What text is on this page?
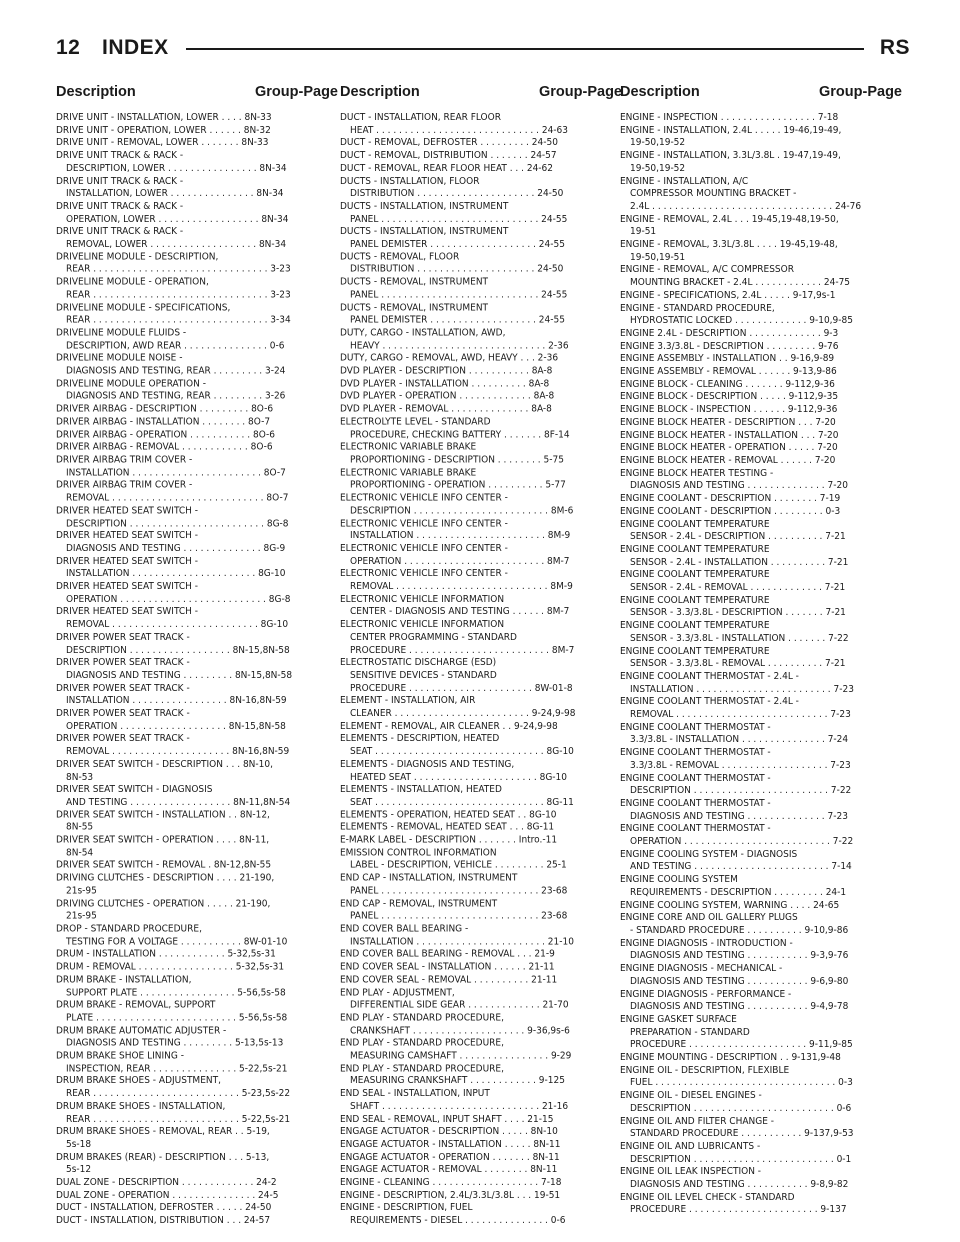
12 INDEX	RS
Description	Group-Page
DRIVE UNIT - INSTALLATION, LOWER . . . . 8N-33
DRIVE UNIT - OPERATION, LOWER . . . . . . 8N-32
DRIVE UNIT - REMOVAL, LOWER . . . . . . . 8N-33
DRIVE UNIT TRACK & RACK -
DESCRIPTION, LOWER . . . . . . . . . . . . . . . . 8N-34
DRIVE UNIT TRACK & RACK -
INSTALLATION, LOWER . . . . . . . . . . . . . . . 8N-34
DRIVE UNIT TRACK & RACK -
OPERATION, LOWER . . . . . . . . . . . . . . . . . . 8N-34
DRIVE UNIT TRACK & RACK -
REMOVAL, LOWER . . . . . . . . . . . . . . . . . . . 8N-34
DRIVELINE MODULE - DESCRIPTION,
REAR . . . . . . . . . . . . . . . . . . . . . . . . . . . . . . . 3-23
DRIVELINE MODULE - OPERATION,
REAR . . . . . . . . . . . . . . . . . . . . . . . . . . . . . . . 3-23
DRIVELINE MODULE - SPECIFICATIONS,
REAR . . . . . . . . . . . . . . . . . . . . . . . . . . . . . . . 3-34
DRIVELINE MODULE FLUIDS -
DESCRIPTION, AWD REAR . . . . . . . . . . . . . . . 0-6
DRIVELINE MODULE NOISE -
DIAGNOSIS AND TESTING, REAR . . . . . . . . . 3-24
DRIVELINE MODULE OPERATION -
DIAGNOSIS AND TESTING, REAR . . . . . . . . . 3-26
DRIVER AIRBAG - DESCRIPTION . . . . . . . . . 8O-6
DRIVER AIRBAG - INSTALLATION . . . . . . . . 8O-7
DRIVER AIRBAG - OPERATION . . . . . . . . . . . 8O-6
DRIVER AIRBAG - REMOVAL . . . . . . . . . . . . 8O-6
DRIVER AIRBAG TRIM COVER -
INSTALLATION . . . . . . . . . . . . . . . . . . . . . . . 8O-7
DRIVER AIRBAG TRIM COVER -
REMOVAL . . . . . . . . . . . . . . . . . . . . . . . . . . . 8O-7
DRIVER HEATED SEAT SWITCH -
DESCRIPTION . . . . . . . . . . . . . . . . . . . . . . . . 8G-8
DRIVER HEATED SEAT SWITCH -
DIAGNOSIS AND TESTING . . . . . . . . . . . . . . 8G-9
DRIVER HEATED SEAT SWITCH -
INSTALLATION . . . . . . . . . . . . . . . . . . . . . . 8G-10
DRIVER HEATED SEAT SWITCH -
OPERATION . . . . . . . . . . . . . . . . . . . . . . . . . . 8G-8
DRIVER HEATED SEAT SWITCH -
REMOVAL . . . . . . . . . . . . . . . . . . . . . . . . . . 8G-10
DRIVER POWER SEAT TRACK -
DESCRIPTION . . . . . . . . . . . . . . . . . . 8N-15,8N-58
DRIVER POWER SEAT TRACK -
DIAGNOSIS AND TESTING . . . . . . . . . 8N-15,8N-58
DRIVER POWER SEAT TRACK -
INSTALLATION . . . . . . . . . . . . . . . . . 8N-16,8N-59
DRIVER POWER SEAT TRACK -
OPERATION . . . . . . . . . . . . . . . . . . . 8N-15,8N-58
DRIVER POWER SEAT TRACK -
REMOVAL . . . . . . . . . . . . . . . . . . . . . 8N-16,8N-59
DRIVER SEAT SWITCH - DESCRIPTION . . . 8N-10,
8N-53
DRIVER SEAT SWITCH - DIAGNOSIS
AND TESTING . . . . . . . . . . . . . . . . . . 8N-11,8N-54
DRIVER SEAT SWITCH - INSTALLATION . . 8N-12,
8N-55
DRIVER SEAT SWITCH - OPERATION . . . . 8N-11,
8N-54
DRIVER SEAT SWITCH - REMOVAL . 8N-12,8N-55
DRIVING CLUTCHES - DESCRIPTION . . . . 21-190,
21s-95
DRIVING CLUTCHES - OPERATION . . . . . 21-190,
21s-95
DROP - STANDARD PROCEDURE,
TESTING FOR A VOLTAGE . . . . . . . . . . . 8W-01-10
DRUM - INSTALLATION . . . . . . . . . . . . 5-32,5s-31
DRUM - REMOVAL . . . . . . . . . . . . . . . . . 5-32,5s-31
DRUM BRAKE - INSTALLATION,
SUPPORT PLATE . . . . . . . . . . . . . . . . . 5-56,5s-58
DRUM BRAKE - REMOVAL, SUPPORT
PLATE . . . . . . . . . . . . . . . . . . . . . . . . . 5-56,5s-58
DRUM BRAKE AUTOMATIC ADJUSTER -
DIAGNOSIS AND TESTING . . . . . . . . . 5-13,5s-13
DRUM BRAKE SHOE LINING -
INSPECTION, REAR . . . . . . . . . . . . . . . 5-22,5s-21
DRUM BRAKE SHOES - ADJUSTMENT,
REAR . . . . . . . . . . . . . . . . . . . . . . . . . . 5-23,5s-22
DRUM BRAKE SHOES - INSTALLATION,
REAR . . . . . . . . . . . . . . . . . . . . . . . . . . 5-22,5s-21
DRUM BRAKE SHOES - REMOVAL, REAR . . 5-19,
5s-18
DRUM BRAKES (REAR) - DESCRIPTION . . . 5-13,
5s-12
DUAL ZONE - DESCRIPTION . . . . . . . . . . . . . 24-2
DUAL ZONE - OPERATION . . . . . . . . . . . . . . . 24-5
DUCT - INSTALLATION, DEFROSTER . . . . . 24-50
DUCT - INSTALLATION, DISTRIBUTION . . . 24-57
Description	Group-Page
DUCT - INSTALLATION, REAR FLOOR
HEAT . . . . . . . . . . . . . . . . . . . . . . . . . . . . . 24-63
DUCT - REMOVAL, DEFROSTER . . . . . . . . . 24-50
DUCT - REMOVAL, DISTRIBUTION . . . . . . . 24-57
DUCT - REMOVAL, REAR FLOOR HEAT . . . 24-62
DUCTS - INSTALLATION, FLOOR
DISTRIBUTION . . . . . . . . . . . . . . . . . . . . . 24-50
DUCTS - INSTALLATION, INSTRUMENT
PANEL . . . . . . . . . . . . . . . . . . . . . . . . . . . . 24-55
DUCTS - INSTALLATION, INSTRUMENT
PANEL DEMISTER . . . . . . . . . . . . . . . . . . . 24-55
DUCTS - REMOVAL, FLOOR
DISTRIBUTION . . . . . . . . . . . . . . . . . . . . . 24-50
DUCTS - REMOVAL, INSTRUMENT
PANEL . . . . . . . . . . . . . . . . . . . . . . . . . . . . 24-55
DUCTS - REMOVAL, INSTRUMENT
PANEL DEMISTER . . . . . . . . . . . . . . . . . . . 24-55
DUTY, CARGO - INSTALLATION, AWD,
HEAVY . . . . . . . . . . . . . . . . . . . . . . . . . . . . . 2-36
DUTY, CARGO - REMOVAL, AWD, HEAVY . . . 2-36
DVD PLAYER - DESCRIPTION . . . . . . . . . . . 8A-8
DVD PLAYER - INSTALLATION . . . . . . . . . . 8A-8
DVD PLAYER - OPERATION . . . . . . . . . . . . . 8A-8
DVD PLAYER - REMOVAL . . . . . . . . . . . . . . 8A-8
ELECTROLYTE LEVEL - STANDARD
PROCEDURE, CHECKING BATTERY . . . . . . . 8F-14
ELECTRONIC VARIABLE BRAKE
PROPORTIONING - DESCRIPTION . . . . . . . . 5-75
ELECTRONIC VARIABLE BRAKE
PROPORTIONING - OPERATION . . . . . . . . . . 5-77
ELECTRONIC VEHICLE INFO CENTER -
DESCRIPTION . . . . . . . . . . . . . . . . . . . . . . . . 8M-6
ELECTRONIC VEHICLE INFO CENTER -
INSTALLATION . . . . . . . . . . . . . . . . . . . . . . . 8M-9
ELECTRONIC VEHICLE INFO CENTER -
OPERATION . . . . . . . . . . . . . . . . . . . . . . . . . 8M-7
ELECTRONIC VEHICLE INFO CENTER -
REMOVAL . . . . . . . . . . . . . . . . . . . . . . . . . . . 8M-9
ELECTRONIC VEHICLE INFORMATION
CENTER - DIAGNOSIS AND TESTING . . . . . . 8M-7
ELECTRONIC VEHICLE INFORMATION
CENTER PROGRAMMING - STANDARD
PROCEDURE . . . . . . . . . . . . . . . . . . . . . . . . . 8M-7
ELECTROSTATIC DISCHARGE (ESD)
SENSITIVE DEVICES - STANDARD
PROCEDURE . . . . . . . . . . . . . . . . . . . . . . 8W-01-8
ELEMENT - INSTALLATION, AIR
CLEANER . . . . . . . . . . . . . . . . . . . . . . . . 9-24,9-98
ELEMENT - REMOVAL, AIR CLEANER . . 9-24,9-98
ELEMENTS - DESCRIPTION, HEATED
SEAT . . . . . . . . . . . . . . . . . . . . . . . . . . . . . . 8G-10
ELEMENTS - DIAGNOSIS AND TESTING,
HEATED SEAT . . . . . . . . . . . . . . . . . . . . . . 8G-10
ELEMENTS - INSTALLATION, HEATED
SEAT . . . . . . . . . . . . . . . . . . . . . . . . . . . . . . 8G-11
ELEMENTS - OPERATION, HEATED SEAT . . 8G-10
ELEMENTS - REMOVAL, HEATED SEAT . . . 8G-11
E-MARK LABEL - DESCRIPTION . . . . . . . Intro.-11
EMISSION CONTROL INFORMATION
LABEL - DESCRIPTION, VEHICLE . . . . . . . . . 25-1
END CAP - INSTALLATION, INSTRUMENT
PANEL . . . . . . . . . . . . . . . . . . . . . . . . . . . . 23-68
END CAP - REMOVAL, INSTRUMENT
PANEL . . . . . . . . . . . . . . . . . . . . . . . . . . . . 23-68
END COVER BALL BEARING -
INSTALLATION . . . . . . . . . . . . . . . . . . . . . . . 21-10
END COVER BALL BEARING - REMOVAL . . . 21-9
END COVER SEAL - INSTALLATION . . . . . . 21-11
END COVER SEAL - REMOVAL . . . . . . . . . . 21-11
END PLAY - ADJUSTMENT,
DIFFERENTIAL SIDE GEAR . . . . . . . . . . . . . 21-70
END PLAY - STANDARD PROCEDURE,
CRANKSHAFT . . . . . . . . . . . . . . . . . . . . 9-36,9s-6
END PLAY - STANDARD PROCEDURE,
MEASURING CAMSHAFT . . . . . . . . . . . . . . . . 9-29
END PLAY - STANDARD PROCEDURE,
MEASURING CRANKSHAFT . . . . . . . . . . . . 9-125
END SEAL - INSTALLATION, INPUT
SHAFT . . . . . . . . . . . . . . . . . . . . . . . . . . . . 21-16
END SEAL - REMOVAL, INPUT SHAFT . . . . 21-15
ENGAGE ACTUATOR - DESCRIPTION . . . . . 8N-10
ENGAGE ACTUATOR - INSTALLATION . . . . . 8N-11
ENGAGE ACTUATOR - OPERATION . . . . . . . 8N-11
ENGAGE ACTUATOR - REMOVAL . . . . . . . . 8N-11
ENGINE - CLEANING . . . . . . . . . . . . . . . . . . . 7-18
ENGINE - DESCRIPTION, 2.4L/3.3L/3.8L . . . 19-51
ENGINE - DESCRIPTION, FUEL
REQUIREMENTS - DIESEL . . . . . . . . . . . . . . . 0-6
Description	Group-Page
ENGINE - INSPECTION . . . . . . . . . . . . . . . . . 7-18
ENGINE - INSTALLATION, 2.4L . . . . . 19-46,19-49,
19-50,19-52
ENGINE - INSTALLATION, 3.3L/3.8L . 19-47,19-49,
19-50,19-52
ENGINE - INSTALLATION, A/C
COMPRESSOR MOUNTING BRACKET -
2.4L . . . . . . . . . . . . . . . . . . . . . . . . . . . . . . . . 24-76
ENGINE - REMOVAL, 2.4L . . . 19-45,19-48,19-50,
19-51
ENGINE - REMOVAL, 3.3L/3.8L . . . . 19-45,19-48,
19-50,19-51
ENGINE - REMOVAL, A/C COMPRESSOR
MOUNTING BRACKET - 2.4L . . . . . . . . . . . . 24-75
ENGINE - SPECIFICATIONS, 2.4L . . . . . 9-17,9s-1
ENGINE - STANDARD PROCEDURE,
HYDROSTATIC LOCKED . . . . . . . . . . . . . 9-10,9-85
ENGINE 2.4L - DESCRIPTION . . . . . . . . . . . . . 9-3
ENGINE 3.3/3.8L - DESCRIPTION . . . . . . . . . 9-76
ENGINE ASSEMBLY - INSTALLATION . . 9-16,9-89
ENGINE ASSEMBLY - REMOVAL . . . . . . 9-13,9-86
ENGINE BLOCK - CLEANING . . . . . . . 9-112,9-36
ENGINE BLOCK - DESCRIPTION . . . . . 9-112,9-35
ENGINE BLOCK - INSPECTION . . . . . . 9-112,9-36
ENGINE BLOCK HEATER - DESCRIPTION . . . 7-20
ENGINE BLOCK HEATER - INSTALLATION . . . 7-20
ENGINE BLOCK HEATER - OPERATION . . . . . 7-20
ENGINE BLOCK HEATER - REMOVAL . . . . . . 7-20
ENGINE BLOCK HEATER TESTING -
DIAGNOSIS AND TESTING . . . . . . . . . . . . . . 7-20
ENGINE COOLANT - DESCRIPTION . . . . . . . . 7-19
ENGINE COOLANT - DESCRIPTION . . . . . . . . . 0-3
ENGINE COOLANT TEMPERATURE
SENSOR - 2.4L - DESCRIPTION . . . . . . . . . . 7-21
ENGINE COOLANT TEMPERATURE
SENSOR - 2.4L - INSTALLATION . . . . . . . . . . 7-21
ENGINE COOLANT TEMPERATURE
SENSOR - 2.4L - REMOVAL . . . . . . . . . . . . . 7-21
ENGINE COOLANT TEMPERATURE
SENSOR - 3.3/3.8L - DESCRIPTION . . . . . . . 7-21
ENGINE COOLANT TEMPERATURE
SENSOR - 3.3/3.8L - INSTALLATION . . . . . . . 7-22
ENGINE COOLANT TEMPERATURE
SENSOR - 3.3/3.8L - REMOVAL . . . . . . . . . . 7-21
ENGINE COOLANT THERMOSTAT - 2.4L -
INSTALLATION . . . . . . . . . . . . . . . . . . . . . . . . 7-23
ENGINE COOLANT THERMOSTAT - 2.4L -
REMOVAL . . . . . . . . . . . . . . . . . . . . . . . . . . . 7-23
ENGINE COOLANT THERMOSTAT -
3.3/3.8L - INSTALLATION . . . . . . . . . . . . . . . 7-24
ENGINE COOLANT THERMOSTAT -
3.3/3.8L - REMOVAL . . . . . . . . . . . . . . . . . . . 7-23
ENGINE COOLANT THERMOSTAT -
DESCRIPTION . . . . . . . . . . . . . . . . . . . . . . . . 7-22
ENGINE COOLANT THERMOSTAT -
DIAGNOSIS AND TESTING . . . . . . . . . . . . . . 7-23
ENGINE COOLANT THERMOSTAT -
OPERATION . . . . . . . . . . . . . . . . . . . . . . . . . . 7-22
ENGINE COOLING SYSTEM - DIAGNOSIS
AND TESTING . . . . . . . . . . . . . . . . . . . . . . . . 7-14
ENGINE COOLING SYSTEM
REQUIREMENTS - DESCRIPTION . . . . . . . . . 24-1
ENGINE COOLING SYSTEM, WARNING . . . . 24-65
ENGINE CORE AND OIL GALLERY PLUGS
- STANDARD PROCEDURE . . . . . . . . . . 9-10,9-86
ENGINE DIAGNOSIS - INTRODUCTION -
DIAGNOSIS AND TESTING . . . . . . . . . . . 9-3,9-76
ENGINE DIAGNOSIS - MECHANICAL -
DIAGNOSIS AND TESTING . . . . . . . . . . . 9-6,9-80
ENGINE DIAGNOSIS - PERFORMANCE -
DIAGNOSIS AND TESTING . . . . . . . . . . . 9-4,9-78
ENGINE GASKET SURFACE
PREPARATION - STANDARD
PROCEDURE . . . . . . . . . . . . . . . . . . . . . 9-11,9-85
ENGINE MOUNTING - DESCRIPTION . . 9-131,9-48
ENGINE OIL - DESCRIPTION, FLEXIBLE
FUEL . . . . . . . . . . . . . . . . . . . . . . . . . . . . . . . . 0-3
ENGINE OIL - DIESEL ENGINES -
DESCRIPTION . . . . . . . . . . . . . . . . . . . . . . . . . 0-6
ENGINE OIL AND FILTER CHANGE -
STANDARD PROCEDURE . . . . . . . . . . . 9-137,9-53
ENGINE OIL AND LUBRICANTS -
DESCRIPTION . . . . . . . . . . . . . . . . . . . . . . . . . 0-1
ENGINE OIL LEAK INSPECTION -
DIAGNOSIS AND TESTING . . . . . . . . . . . 9-8,9-82
ENGINE OIL LEVEL CHECK - STANDARD
PROCEDURE . . . . . . . . . . . . . . . . . . . . . . . 9-137
